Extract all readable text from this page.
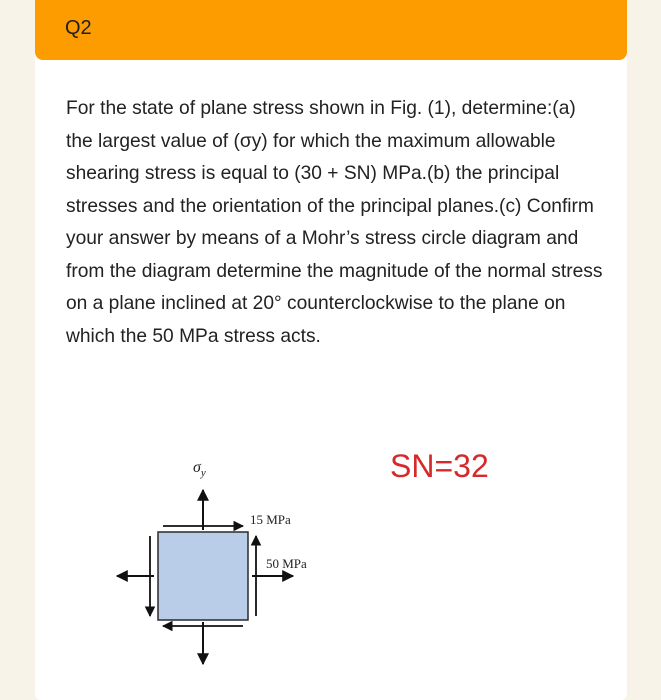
Q2

For the state of plane stress shown in Fig. (1), determine:(a) the largest value of (σy) for which the maximum allowable shearing stress is equal to (30 + SN) MPa.(b) the principal stresses and the orientation of the principal planes.(c) Confirm your answer by means of a Mohr’s stress circle diagram and from the diagram determine the magnitude of the normal stress on a plane inclined at 20° counterclockwise to the plane on which the 50 MPa stress acts.

SN=32
$\sigma_y$
15 MPa
50 MPa
